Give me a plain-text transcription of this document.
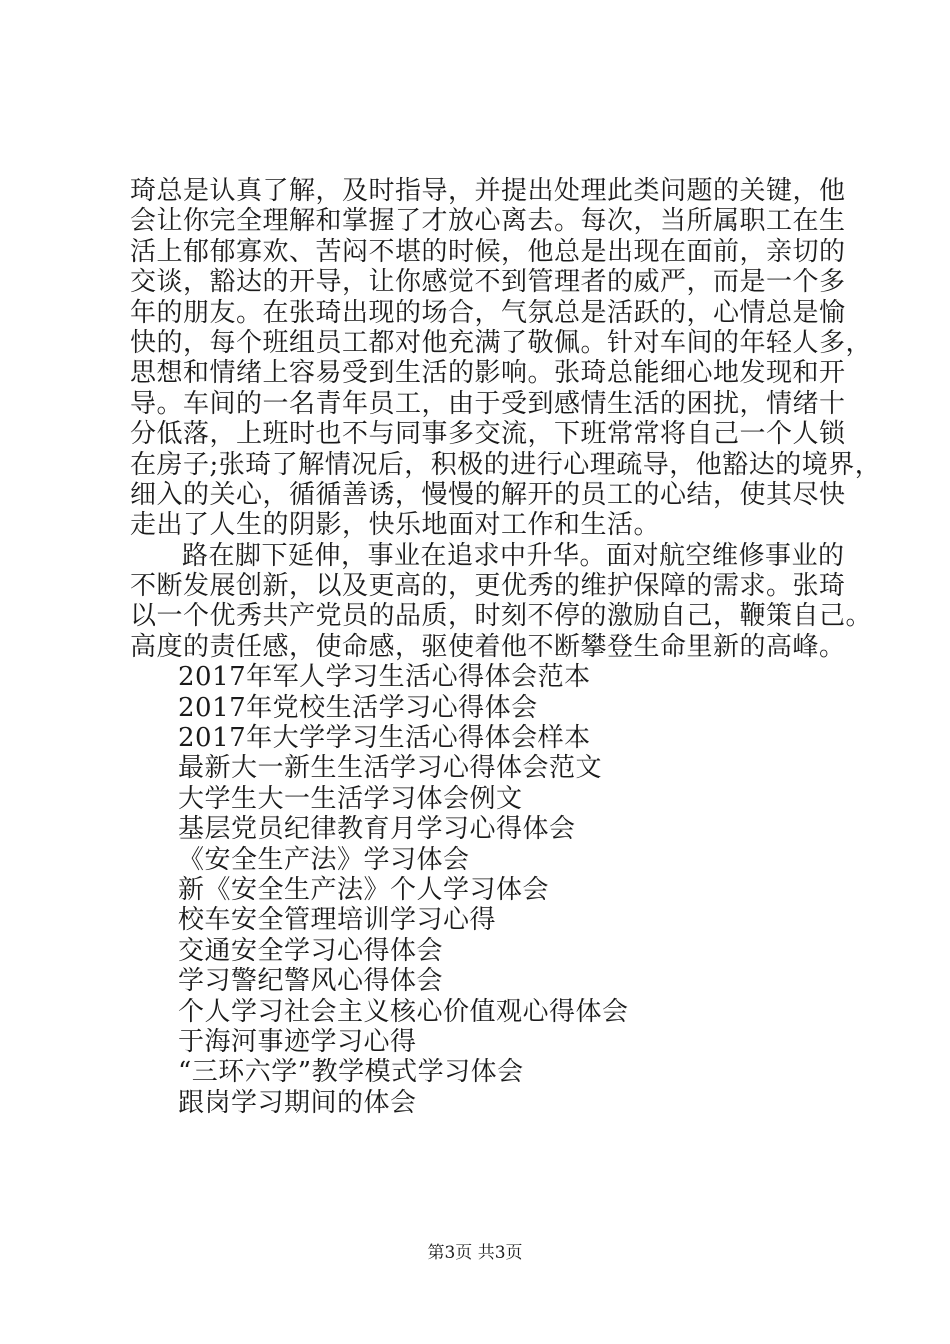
琦总是认真了解，及时指导，并提出处理此类问题的关键，他
会让你完全理解和掌握了才放心离去。每次，当所属职工在生
活上郁郁寡欢、苦闷不堪的时候，他总是出现在面前，亲切的
交谈，豁达的开导，让你感觉不到管理者的威严，而是一个多
年的朋友。在张琦出现的场合，气氛总是活跃的，心情总是愉
快的，每个班组员工都对他充满了敬佩。针对车间的年轻人多，
思想和情绪上容易受到生活的影响。张琦总能细心地发现和开
导。车间的一名青年员工，由于受到感情生活的困扰，情绪十
分低落，上班时也不与同事多交流，下班常常将自己一个人锁
在房子;张琦了解情况后，积极的进行心理疏导，他豁达的境界，
细入的关心，循循善诱，慢慢的解开的员工的心结，使其尽快
走出了人生的阴影，快乐地面对工作和生活。
路在脚下延伸，事业在追求中升华。面对航空维修事业的
不断发展创新，以及更高的，更优秀的维护保障的需求。张琦
以一个优秀共产党员的品质，时刻不停的激励自己，鞭策自己。
高度的责任感，使命感，驱使着他不断攀登生命里新的高峰。
2017年军人学习生活心得体会范本
2017年党校生活学习心得体会
2017年大学学习生活心得体会样本
最新大一新生生活学习心得体会范文
大学生大一生活学习体会例文
基层党员纪律教育月学习心得体会
《安全生产法》学习体会
新《安全生产法》个人学习体会
校车安全管理培训学习心得
交通安全学习心得体会
学习警纪警风心得体会
个人学习社会主义核心价值观心得体会
于海河事迹学习心得
“三环六学”教学模式学习体会
跟岗学习期间的体会
第3页 共3页
